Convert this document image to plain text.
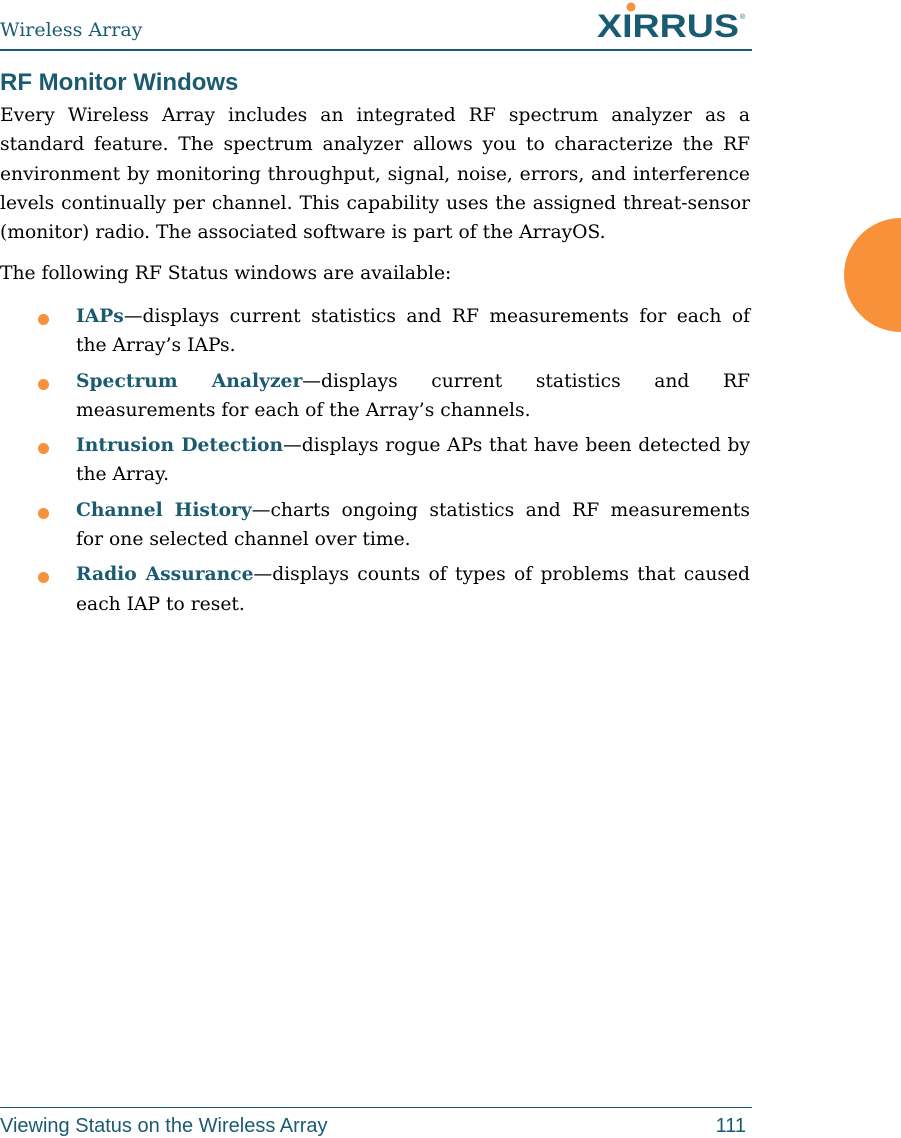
Wireless Array	XIRRUS ®
RF Monitor Windows

Every Wireless Array includes an integrated RF spectrum analyzer as a standard feature. The spectrum analyzer allows you to characterize the RF environment by monitoring throughput, signal, noise, errors, and interference levels continually per channel. This capability uses the assigned threat-sensor (monitor) radio. The associated software is part of the ArrayOS.

The following RF Status windows are available:

IAPs—displays current statistics and RF measurements for each of the Array’s IAPs.
Spectrum Analyzer—displays current statistics and RF measurements for each of the Array’s channels.
Intrusion Detection—displays rogue APs that have been detected by the Array.
Channel History—charts ongoing statistics and RF measurements for one selected channel over time.
Radio Assurance—displays counts of types of problems that caused each IAP to reset.
Viewing Status on the Wireless Array	111
